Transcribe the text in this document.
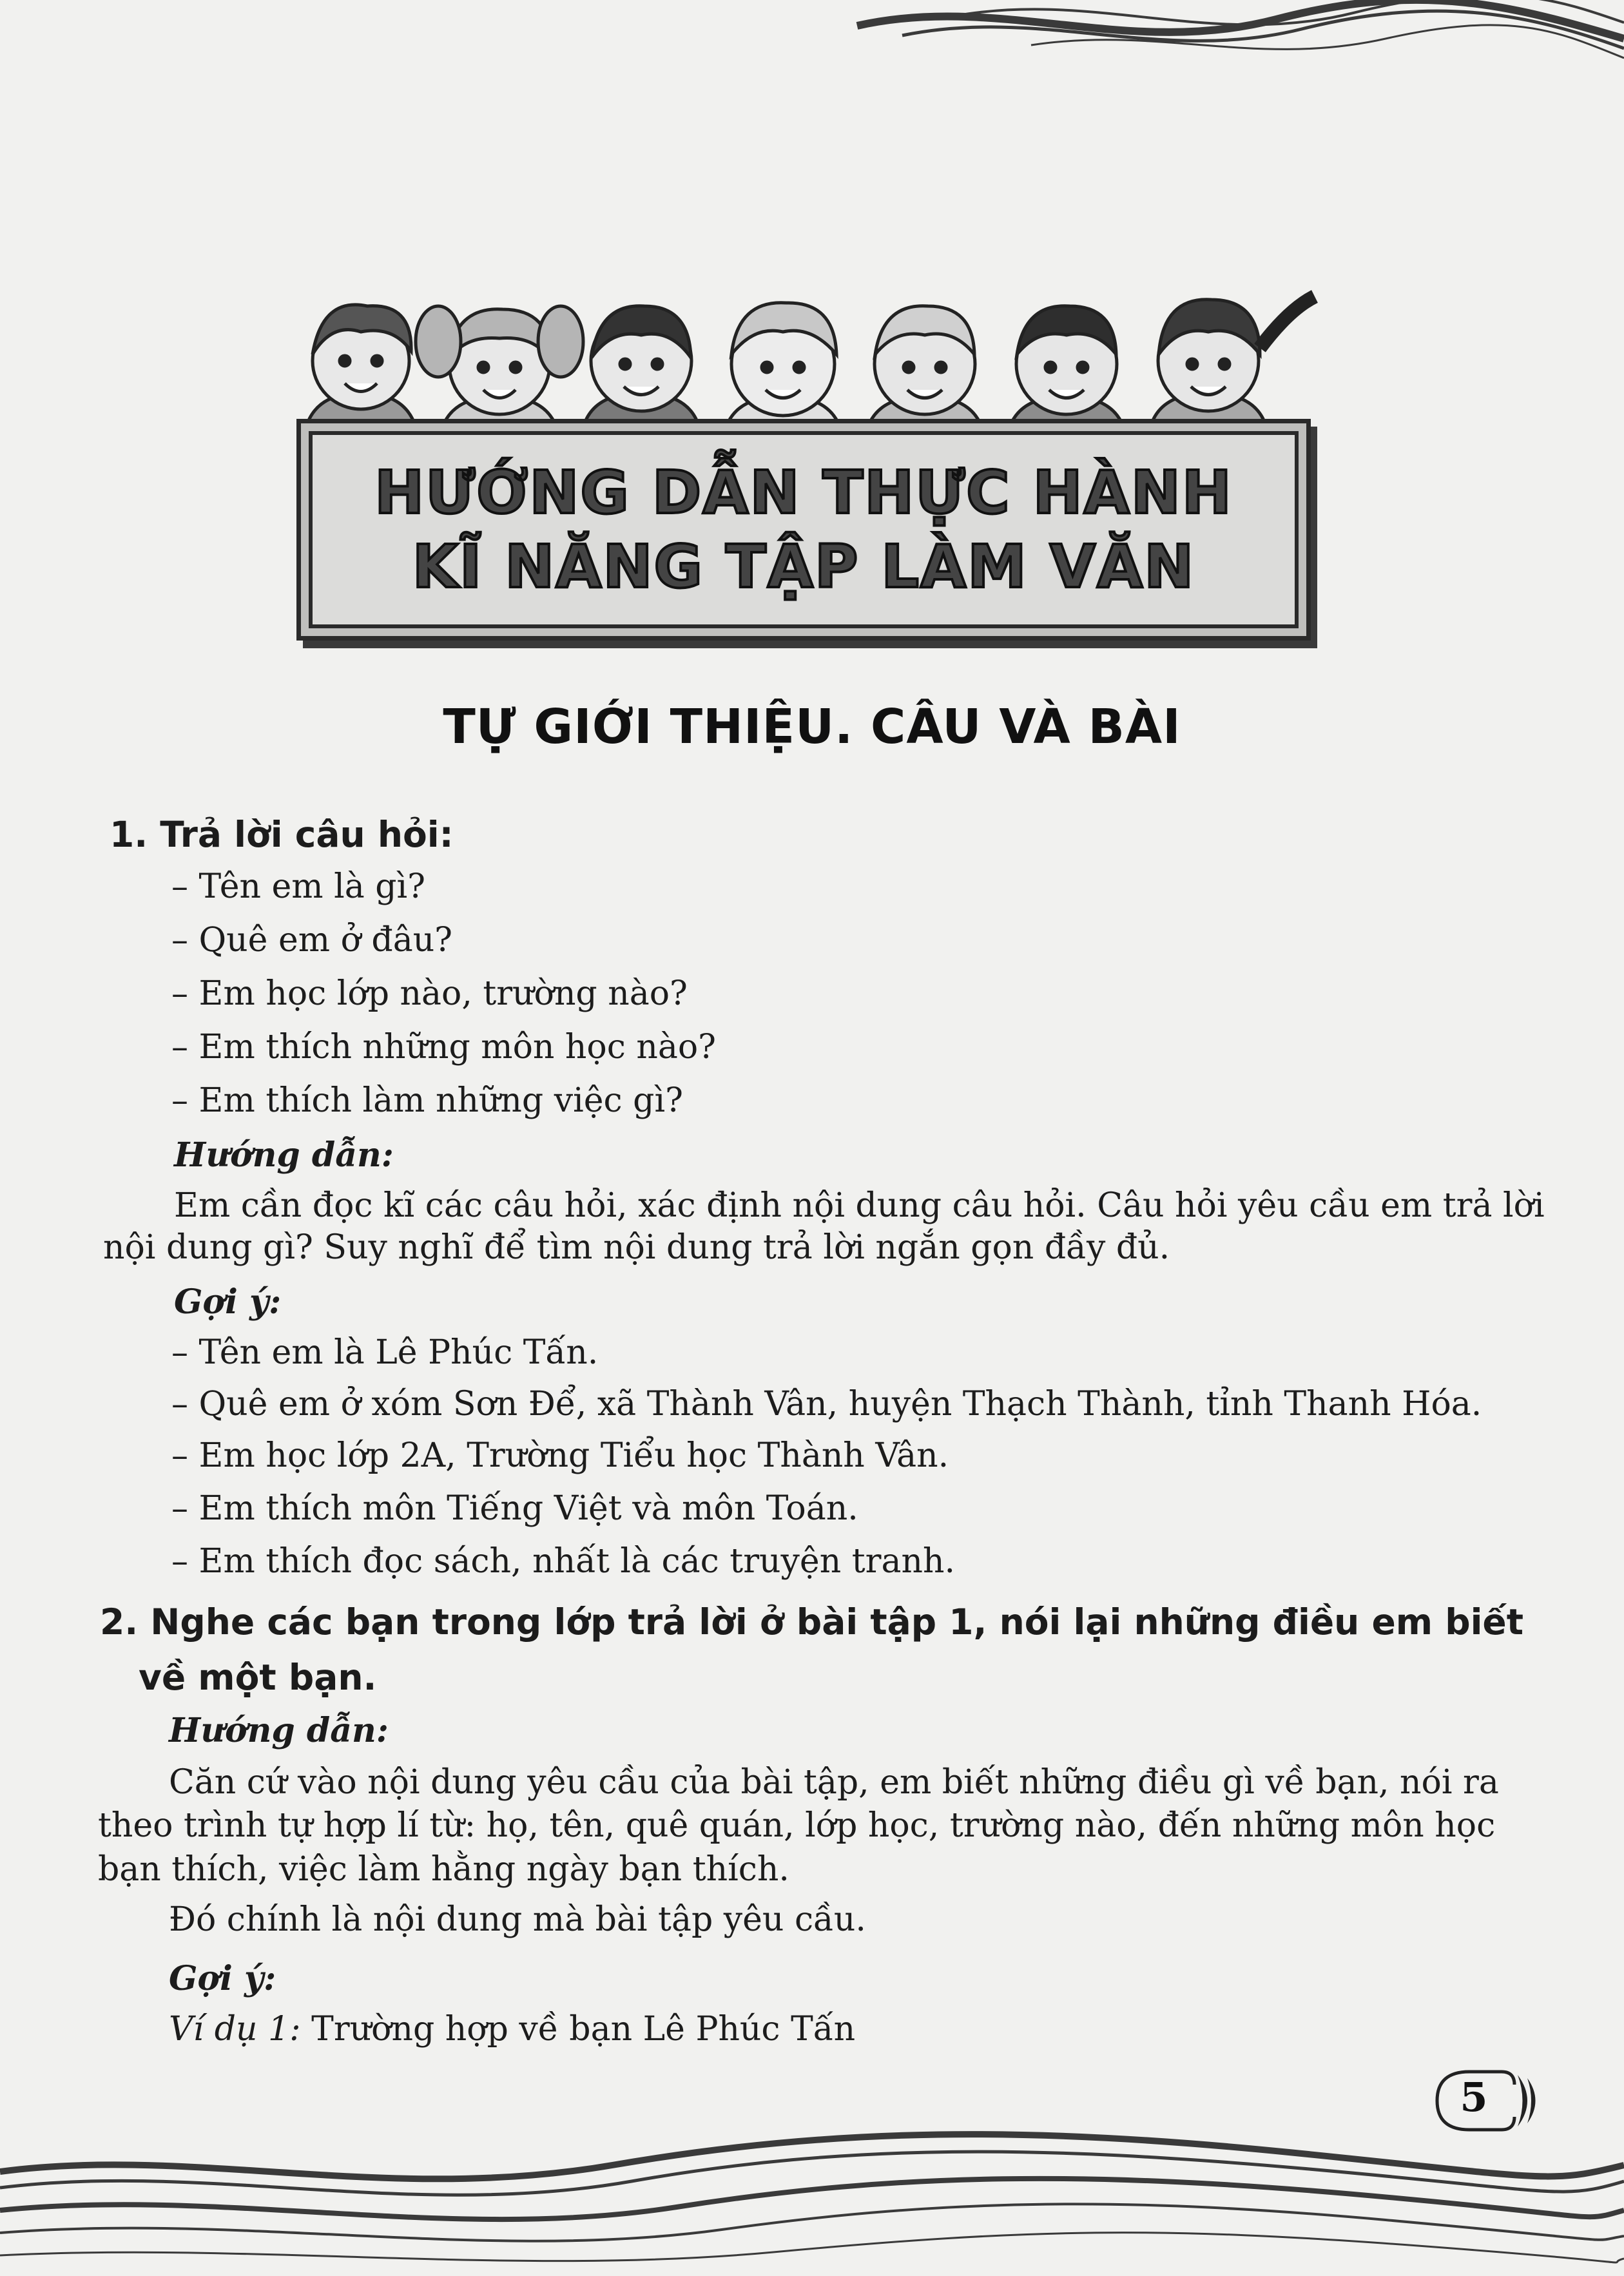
HƯỚNG DẪN THỰC HÀNH
KĨ NĂNG TẬP LÀM VĂN
TỰ GIỚI THIỆU. CÂU VÀ BÀI
1. Trả lời câu hỏi:
– Tên em là gì?
– Quê em ở đâu?
– Em học lớp nào, trường nào?
– Em thích những môn học nào?
– Em thích làm những việc gì?
Hướng dẫn:
Em cần đọc kĩ các câu hỏi, xác định nội dung câu hỏi. Câu hỏi yêu cầu em trả lời
nội dung gì? Suy nghĩ để tìm nội dung trả lời ngắn gọn đầy đủ.
Gợi ý:
– Tên em là Lê Phúc Tấn.
– Quê em ở xóm Sơn Để, xã Thành Vân, huyện Thạch Thành, tỉnh Thanh Hóa.
– Em học lớp 2A, Trường Tiểu học Thành Vân.
– Em thích môn Tiếng Việt và môn Toán.
– Em thích đọc sách, nhất là các truyện tranh.
2. Nghe các bạn trong lớp trả lời ở bài tập 1, nói lại những điều em biết
về một bạn.
Hướng dẫn:
Căn cứ vào nội dung yêu cầu của bài tập, em biết những điều gì về bạn, nói ra
theo trình tự hợp lí từ: họ, tên, quê quán, lớp học, trường nào, đến những môn học
bạn thích, việc làm hằng ngày bạn thích.
Đó chính là nội dung mà bài tập yêu cầu.
Gợi ý:
Ví dụ 1: Trường hợp về bạn Lê Phúc Tấn
5
